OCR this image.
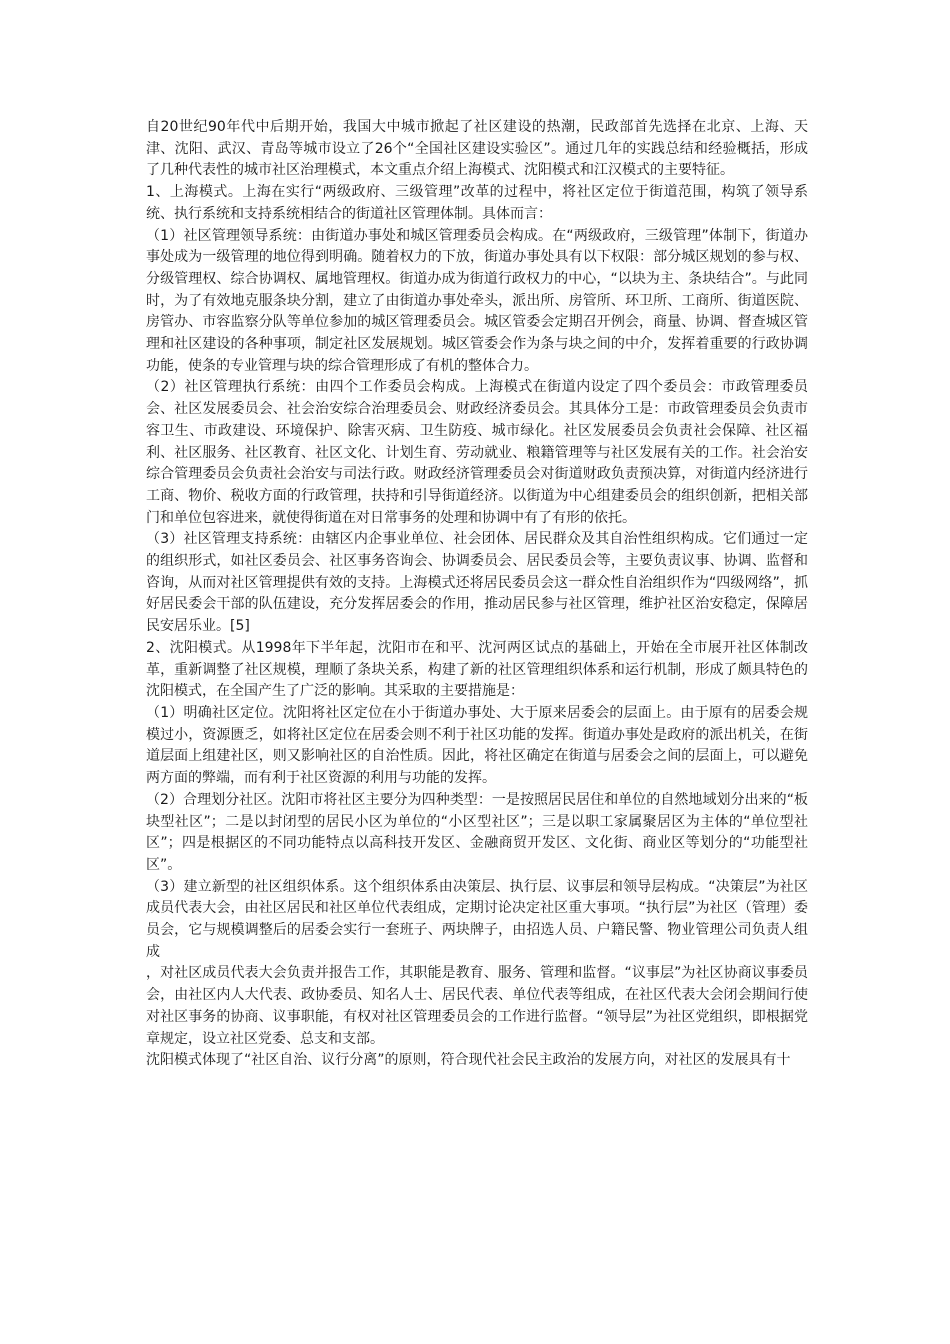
自20世纪90年代中后期开始，我国大中城市掀起了社区建设的热潮，民政部首先选择在北京、上海、天津、沈阳、武汉、青岛等城市设立了26个“全国社区建设实验区”。通过几年的实践总结和经验概括，形成了几种代表性的城市社区治理模式，本文重点介绍上海模式、沈阳模式和江汉模式的主要特征。

1、上海模式。上海在实行“两级政府、三级管理”改革的过程中，将社区定位于街道范围，构筑了领导系统、执行系统和支持系统相结合的街道社区管理体制。具体而言：

（1）社区管理领导系统：由街道办事处和城区管理委员会构成。在“两级政府，三级管理”体制下，街道办事处成为一级管理的地位得到明确。随着权力的下放，街道办事处具有以下权限：部分城区规划的参与权、分级管理权、综合协调权、属地管理权。街道办成为街道行政权力的中心，“以块为主、条块结合”。与此同时，为了有效地克服条块分割，建立了由街道办事处牵头，派出所、房管所、环卫所、工商所、街道医院、房管办、市容监察分队等单位参加的城区管理委员会。城区管委会定期召开例会，商量、协调、督查城区管理和社区建设的各种事项，制定社区发展规划。城区管委会作为条与块之间的中介，发挥着重要的行政协调功能，使条的专业管理与块的综合管理形成了有机的整体合力。

（2）社区管理执行系统：由四个工作委员会构成。上海模式在街道内设定了四个委员会：市政管理委员会、社区发展委员会、社会治安综合治理委员会、财政经济委员会。其具体分工是：市政管理委员会负责市容卫生、市政建设、环境保护、除害灭病、卫生防疫、城市绿化。社区发展委员会负责社会保障、社区福利、社区服务、社区教育、社区文化、计划生育、劳动就业、粮籍管理等与社区发展有关的工作。社会治安综合管理委员会负责社会治安与司法行政。财政经济管理委员会对街道财政负责预决算，对街道内经济进行工商、物价、税收方面的行政管理，扶持和引导街道经济。以街道为中心组建委员会的组织创新，把相关部门和单位包容进来，就使得街道在对日常事务的处理和协调中有了有形的依托。

（3）社区管理支持系统：由辖区内企事业单位、社会团体、居民群众及其自治性组织构成。它们通过一定的组织形式，如社区委员会、社区事务咨询会、协调委员会、居民委员会等，主要负责议事、协调、监督和咨询，从而对社区管理提供有效的支持。上海模式还将居民委员会这一群众性自治组织作为“四级网络”，抓好居民委会干部的队伍建设，充分发挥居委会的作用，推动居民参与社区管理，维护社区治安稳定，保障居民安居乐业。[5]

2、沈阳模式。从1998年下半年起，沈阳市在和平、沈河两区试点的基础上，开始在全市展开社区体制改革，重新调整了社区规模，理顺了条块关系，构建了新的社区管理组织体系和运行机制，形成了颇具特色的沈阳模式，在全国产生了广泛的影响。其采取的主要措施是：

（1）明确社区定位。沈阳将社区定位在小于街道办事处、大于原来居委会的层面上。由于原有的居委会规模过小，资源匮乏，如将社区定位在居委会则不利于社区功能的发挥。街道办事处是政府的派出机关，在街道层面上组建社区，则又影响社区的自治性质。因此，将社区确定在街道与居委会之间的层面上，可以避免两方面的弊端，而有利于社区资源的利用与功能的发挥。

（2）合理划分社区。沈阳市将社区主要分为四种类型：一是按照居民居住和单位的自然地域划分出来的“板块型社区”；二是以封闭型的居民小区为单位的“小区型社区”；三是以职工家属聚居区为主体的“单位型社区”；四是根据区的不同功能特点以高科技开发区、金融商贸开发区、文化街、商业区等划分的“功能型社区”。

（3）建立新型的社区组织体系。这个组织体系由决策层、执行层、议事层和领导层构成。“决策层”为社区成员代表大会，由社区居民和社区单位代表组成，定期讨论决定社区重大事项。“执行层”为社区（管理）委员会，它与规模调整后的居委会实行一套班子、两块牌子，由招选人员、户籍民警、物业管理公司负责人组成

，对社区成员代表大会负责并报告工作，其职能是教育、服务、管理和监督。“议事层”为社区协商议事委员会，由社区内人大代表、政协委员、知名人士、居民代表、单位代表等组成，在社区代表大会闭会期间行使对社区事务的协商、议事职能，有权对社区管理委员会的工作进行监督。“领导层”为社区党组织，即根据党章规定，设立社区党委、总支和支部。

沈阳模式体现了“社区自治、议行分离”的原则，符合现代社会民主政治的发展方向，对社区的发展具有十
